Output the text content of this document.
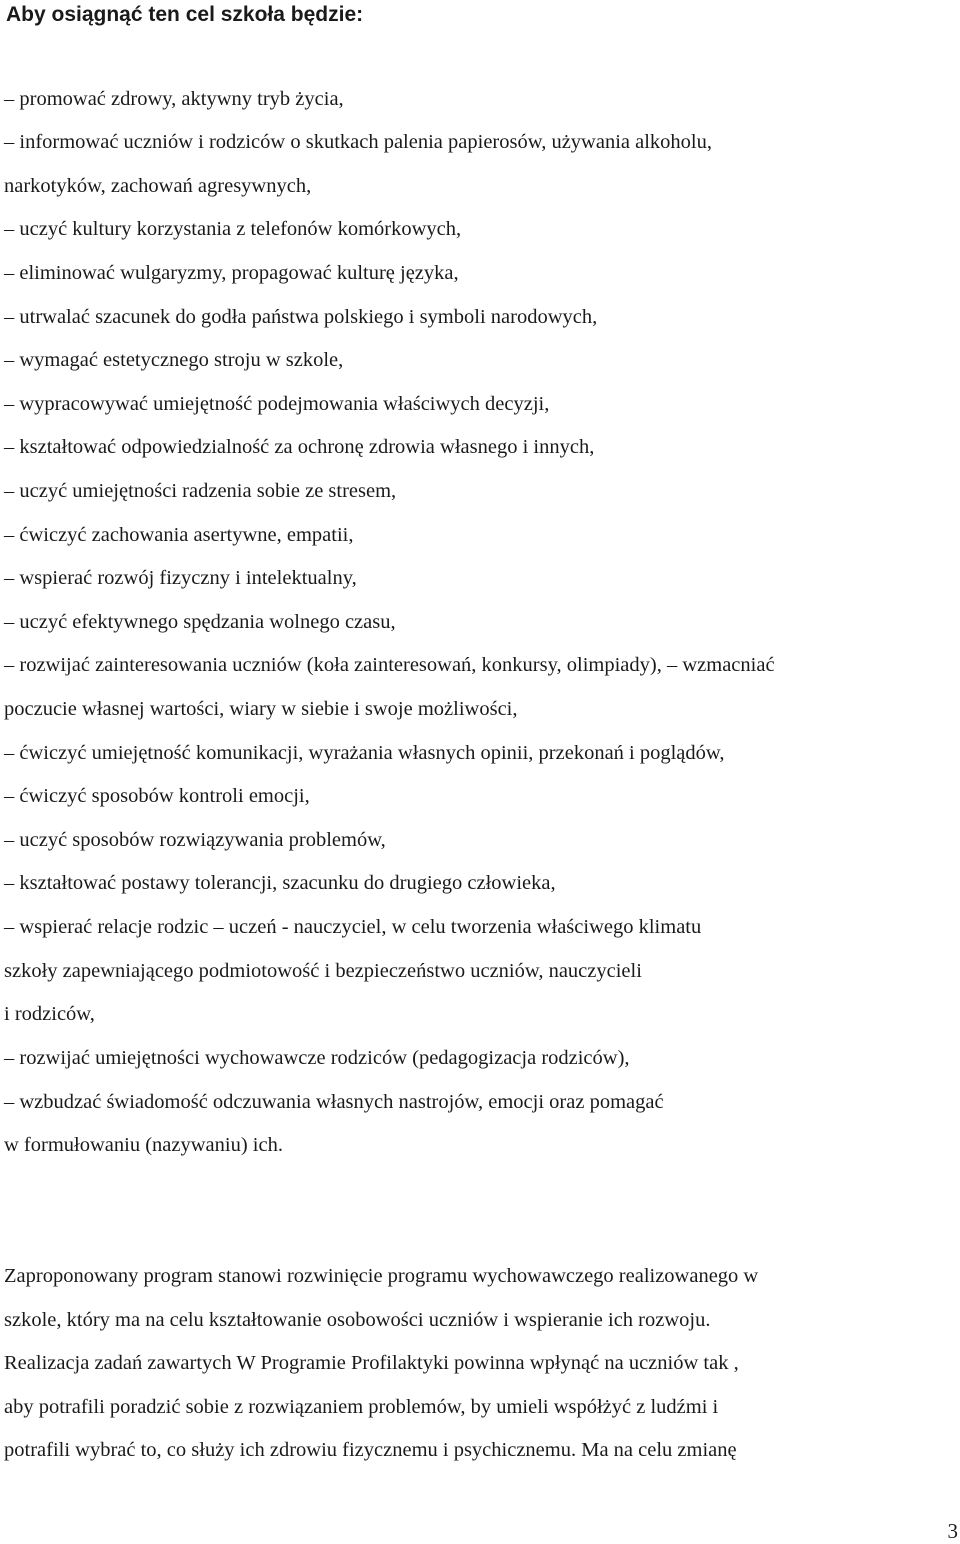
Aby osiągnąć ten cel szkoła będzie:
– promować zdrowy, aktywny tryb życia,
– informować uczniów i rodziców o skutkach palenia papierosów, używania alkoholu,
narkotyków, zachowań agresywnych,
– uczyć kultury korzystania z telefonów komórkowych,
– eliminować wulgaryzmy, propagować kulturę języka,
– utrwalać szacunek do godła państwa polskiego i symboli narodowych,
– wymagać estetycznego stroju w szkole,
– wypracowywać umiejętność podejmowania właściwych decyzji,
– kształtować odpowiedzialność za ochronę zdrowia własnego i innych,
– uczyć umiejętności radzenia sobie ze stresem,
– ćwiczyć zachowania asertywne, empatii,
– wspierać rozwój fizyczny i intelektualny,
– uczyć efektywnego spędzania wolnego czasu,
– rozwijać zainteresowania uczniów (koła zainteresowań, konkursy, olimpiady), – wzmacniać
poczucie własnej wartości, wiary w siebie i swoje możliwości,
– ćwiczyć umiejętność komunikacji, wyrażania własnych opinii, przekonań i poglądów,
– ćwiczyć sposobów kontroli emocji,
– uczyć sposobów rozwiązywania problemów,
– kształtować postawy tolerancji, szacunku do drugiego człowieka,
– wspierać relacje rodzic – uczeń - nauczyciel, w celu tworzenia właściwego klimatu
szkoły zapewniającego podmiotowość i bezpieczeństwo uczniów, nauczycieli
i rodziców,
– rozwijać umiejętności wychowawcze rodziców (pedagogizacja rodziców),
– wzbudzać świadomość odczuwania własnych nastrojów, emocji oraz pomagać
w formułowaniu (nazywaniu) ich.
Zaproponowany program stanowi rozwinięcie programu wychowawczego realizowanego w
szkole, który ma na celu kształtowanie osobowości uczniów i wspieranie ich rozwoju.
Realizacja zadań zawartych W Programie Profilaktyki powinna wpłynąć na uczniów tak ,
aby potrafili poradzić sobie z rozwiązaniem problemów, by umieli współżyć z ludźmi i
potrafili wybrać to, co służy ich zdrowiu fizycznemu i psychicznemu. Ma na celu zmianę
3
